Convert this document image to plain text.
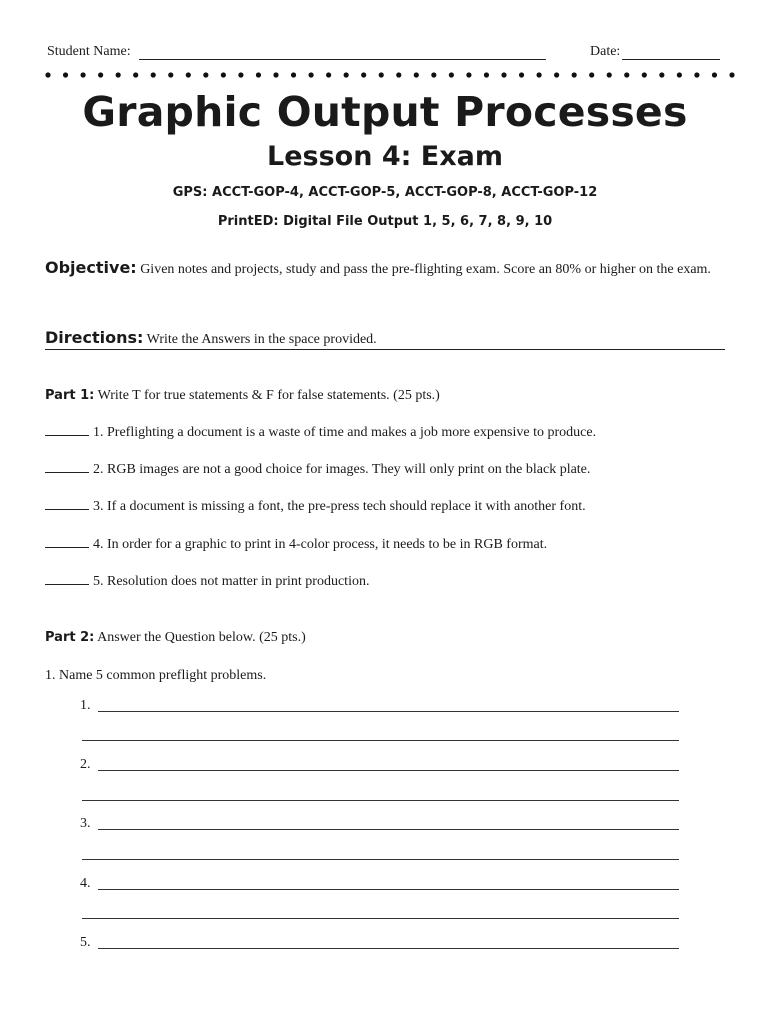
Student Name:	Date:
Graphic Output Processes
Lesson 4: Exam
GPS: ACCT-GOP-4, ACCT-GOP-5, ACCT-GOP-8, ACCT-GOP-12
PrintED: Digital File Output 1, 5, 6, 7, 8, 9, 10
Objective: Given notes and projects, study and pass the pre-flighting exam. Score an 80% or higher on the exam.
Directions: Write the Answers in the space provided.
Part 1: Write T for true statements & F for false statements. (25 pts.)
1. Preflighting a document is a waste of time and makes a job more expensive to produce.
2. RGB images are not a good choice for images. They will only print on the black plate.
3. If a document is missing a font, the pre-press tech should replace it with another font.
4. In order for a graphic to print in 4-color process, it needs to be in RGB format.
5. Resolution does not matter in print production.
Part 2: Answer the Question below. (25 pts.)
1. Name 5 common preflight problems.
1.
2.
3.
4.
5.
